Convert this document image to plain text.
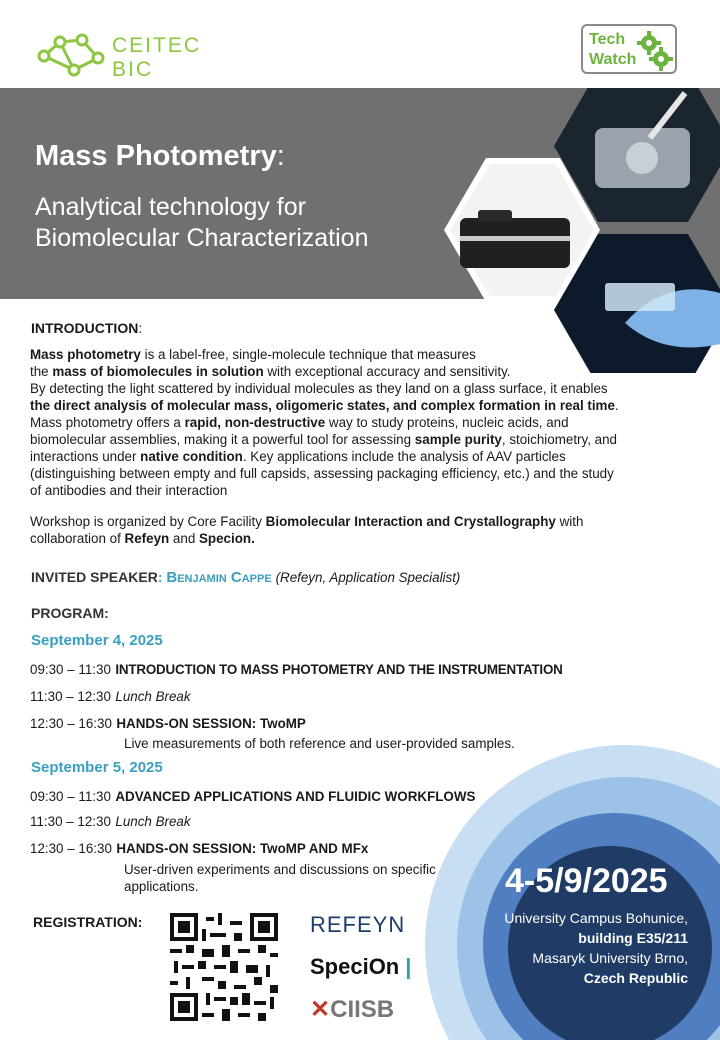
CEITEC
BIC
Tech
Watch
Mass Photometry:
Analytical technology for
Biomolecular Characterization
INTRODUCTION:
Mass photometry is a label-free, single-molecule technique that measures
the mass of biomolecules in solution with exceptional accuracy and sensitivity.
By detecting the light scattered by individual molecules as they land on a glass surface, it enables
the direct analysis of molecular mass, oligomeric states, and complex formation in real time.
Mass photometry offers a rapid, non-destructive way to study proteins, nucleic acids, and
biomolecular assemblies, making it a powerful tool for assessing sample purity, stoichiometry, and
interactions under native condition. Key applications include the analysis of AAV particles
(distinguishing between empty and full capsids, assessing packaging efficiency, etc.) and the study
of antibodies and their interaction
Workshop is organized by Core Facility Biomolecular Interaction and Crystallography with
collaboration of Refeyn and Specion.
INVITED SPEAKER: Benjamin Cappe (Refeyn, Application Specialist)
PROGRAM:
September 4, 2025
09:30 – 11:30 INTRODUCTION TO MASS PHOTOMETRY AND THE INSTRUMENTATION
11:30 – 12:30 Lunch Break
12:30 – 16:30 HANDS-ON SESSION: TwoMP
Live measurements of both reference and user-provided samples.
September 5, 2025
09:30 – 11:30 ADVANCED APPLICATIONS AND FLUIDIC WORKFLOWS
11:30 – 12:30 Lunch Break
12:30 – 16:30 HANDS-ON SESSION: TwoMP AND MFx
User-driven experiments and discussions on specific
applications.	4-5/9/2025
University Campus Bohunice,
building E35/211
Masaryk University Brno,
Czech Republic
REGISTRATION:	REFEYN
SpeciOn |
✕CIISB
